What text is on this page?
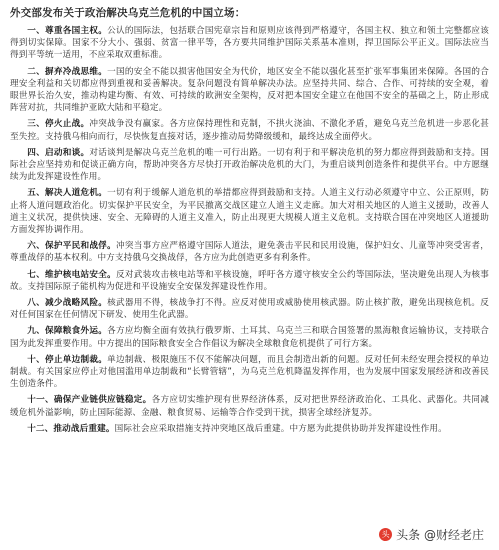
外交部发布关于政治解决乌克兰危机的中国立场：

一、尊重各国主权。公认的国际法，包括联合国宪章宗旨和原则应该得到严格遵守，各国主权、独立和领土完整都应该得到切实保障。国家不分大小、强弱、贫富一律平等，各方要共同维护国际关系基本准则，捍卫国际公平正义。国际法应当得到平等统一适用，不应采取双重标准。

二、摒弃冷战思维。一国的安全不能以损害他国安全为代价，地区安全不能以强化甚至扩张军事集团来保障。各国的合理安全利益和关切都应得到重视和妥善解决。复杂问题没有简单解决办法。应坚持共同、综合、合作、可持续的安全观，着眼世界长治久安，推动构建均衡、有效、可持续的欧洲安全架构，反对把本国安全建立在他国不安全的基础之上，防止形成阵营对抗，共同维护亚欧大陆和平稳定。

三、停火止战。冲突战争没有赢家。各方应保持理性和克制，不拱火浇油、不激化矛盾，避免乌克兰危机进一步恶化甚至失控。支持俄乌相向而行，尽快恢复直接对话，逐步推动局势降级缓和，最终达成全面停火。

四、启动和谈。对话谈判是解决乌克兰危机的唯一可行出路。一切有利于和平解决危机的努力都应得到鼓励和支持。国际社会应坚持劝和促谈正确方向，帮助冲突各方尽快打开政治解决危机的大门，为重启谈判创造条件和提供平台。中方愿继续为此发挥建设性作用。

五、解决人道危机。一切有利于缓解人道危机的举措都应得到鼓励和支持。人道主义行动必须遵守中立、公正原则，防止将人道问题政治化。切实保护平民安全，为平民撤离交战区建立人道主义走廊。加大对相关地区的人道主义援助，改善人道主义状况，提供快速、安全、无障碍的人道主义准入，防止出现更大规模人道主义危机。支持联合国在冲突地区人道援助方面发挥协调作用。

六、保护平民和战俘。冲突当事方应严格遵守国际人道法，避免袭击平民和民用设施，保护妇女、儿童等冲突受害者，尊重战俘的基本权利。中方支持俄乌交换战俘，各方应为此创造更多有利条件。

七、维护核电站安全。反对武装攻击核电站等和平核设施，呼吁各方遵守核安全公约等国际法，坚决避免出现人为核事故。支持国际原子能机构为促进和平设施安全安保发挥建设性作用。

八、减少战略风险。核武器用不得，核战争打不得。应反对使用或威胁使用核武器。防止核扩散，避免出现核危机。反对任何国家在任何情况下研发、使用生化武器。

九、保障粮食外运。各方应均衡全面有效执行俄罗斯、土耳其、乌克兰三和联合国签署的黑海粮食运输协议，支持联合国为此发挥重要作用。中方提出的国际粮食安全合作倡议为解决全球粮食危机提供了可行方案。

十、停止单边制裁。单边制裁、极限施压不仅不能解决问题，而且会制造出新的问题。反对任何未经安理会授权的单边制裁。有关国家应停止对他国滥用单边制裁和“长臂管辖”，为乌克兰危机降温发挥作用，也为发展中国家发展经济和改善民生创造条件。

十一、确保产业链供应链稳定。各方应切实维护现有世界经济体系，反对把世界经济政治化、工具化、武器化。共同减缓危机外溢影响，防止国际能源、金融、粮食贸易、运输等合作受到干扰，损害全球经济复苏。

十二、推动战后重建。国际社会应采取措施支持冲突地区战后重建。中方愿为此提供协助并发挥建设性作用。

头 头条 @财经老庄
